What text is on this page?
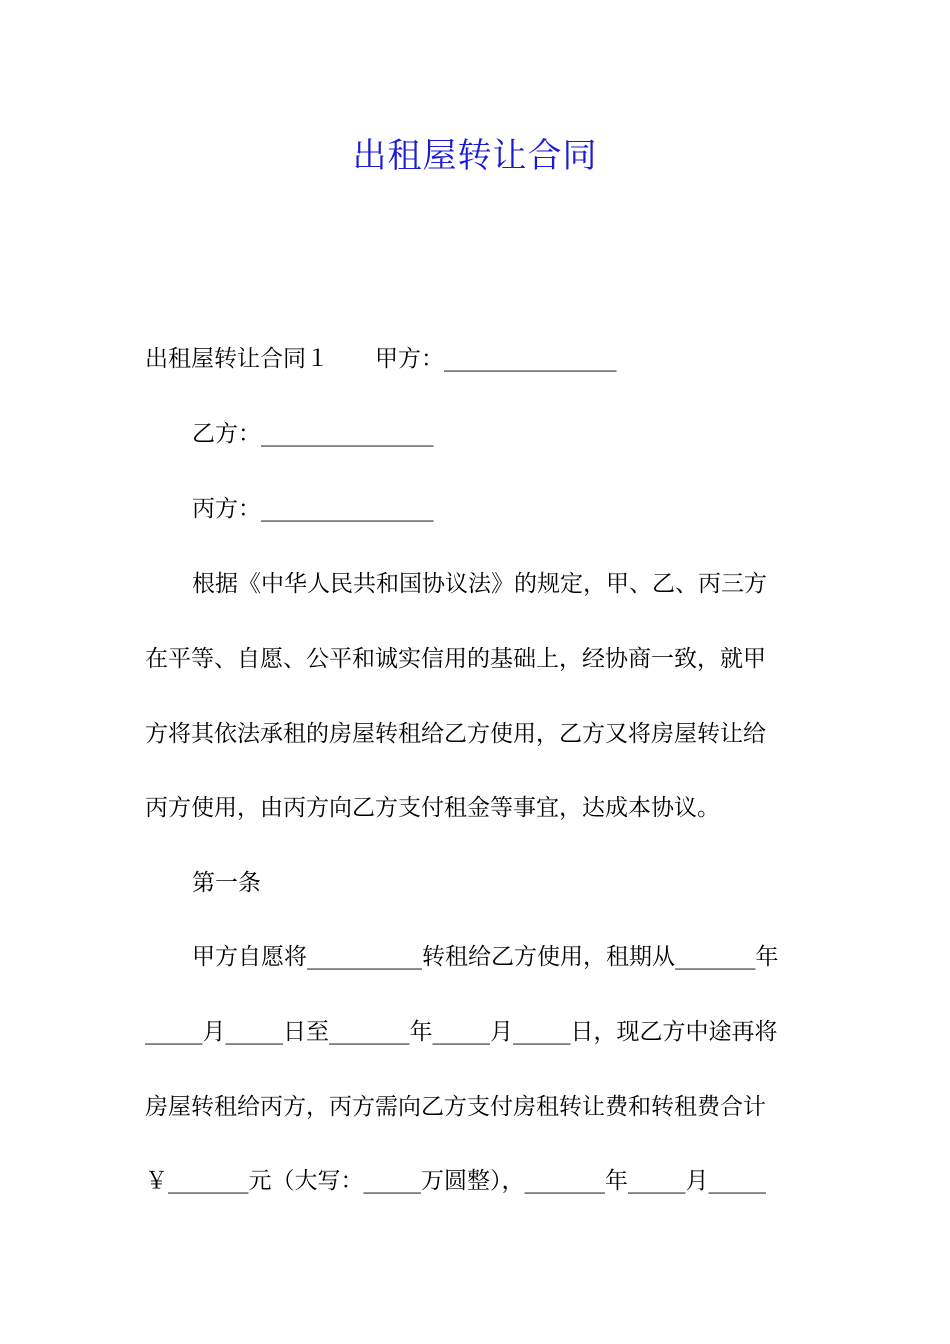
出租屋转让合同
出租屋转让合同１　　甲方：_______________
乙方：_______________
丙方：_______________
根据《中华人民共和国协议法》的规定，甲、乙、丙三方
在平等、自愿、公平和诚实信用的基础上，经协商一致，就甲
方将其依法承租的房屋转租给乙方使用，乙方又将房屋转让给
丙方使用，由丙方向乙方支付租金等事宜，达成本协议。
第一条
甲方自愿将__________转租给乙方使用，租期从_______年
_____月_____日至_______年_____月_____日，现乙方中途再将
房屋转租给丙方，丙方需向乙方支付房租转让费和转租费合计
￥_______元（大写：_____万圆整），_______年_____月_____
